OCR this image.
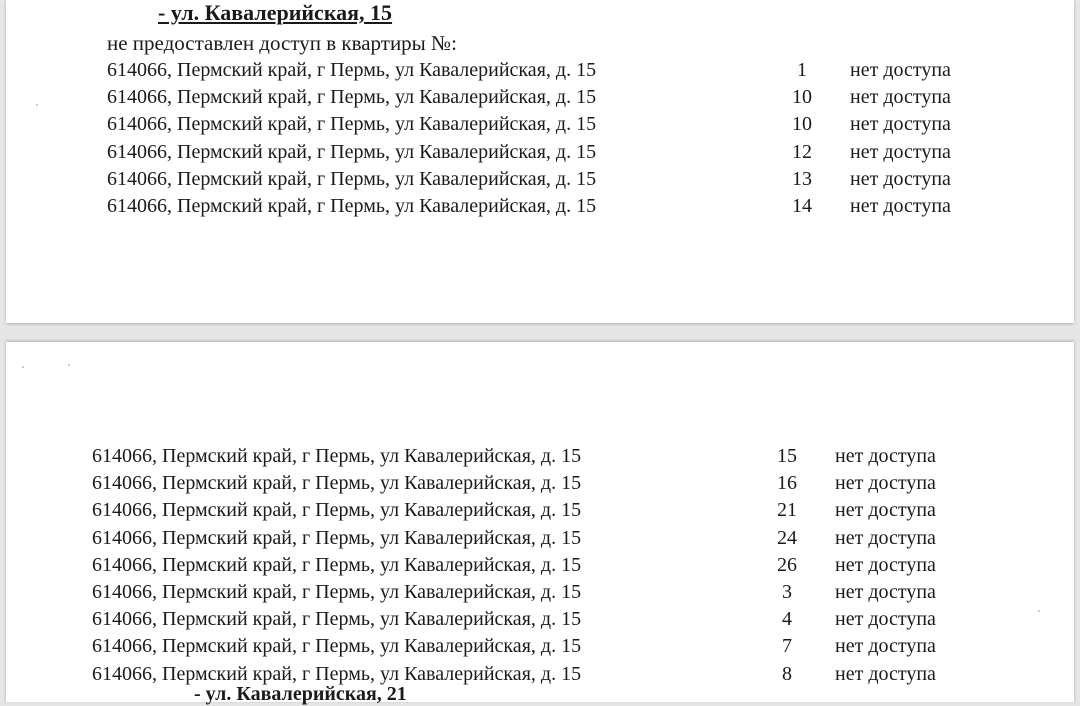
- ул. Кавалерийская, 15
не предоставлен доступ в квартиры №:
614066, Пермский край, г Пермь, ул Кавалерийская, д. 15	1	нет доступа
614066, Пермский край, г Пермь, ул Кавалерийская, д. 15	10	нет доступа
614066, Пермский край, г Пермь, ул Кавалерийская, д. 15	10	нет доступа
614066, Пермский край, г Пермь, ул Кавалерийская, д. 15	12	нет доступа
614066, Пермский край, г Пермь, ул Кавалерийская, д. 15	13	нет доступа
614066, Пермский край, г Пермь, ул Кавалерийская, д. 15	14	нет доступа
614066, Пермский край, г Пермь, ул Кавалерийская, д. 15	15	нет доступа
614066, Пермский край, г Пермь, ул Кавалерийская, д. 15	16	нет доступа
614066, Пермский край, г Пермь, ул Кавалерийская, д. 15	21	нет доступа
614066, Пермский край, г Пермь, ул Кавалерийская, д. 15	24	нет доступа
614066, Пермский край, г Пермь, ул Кавалерийская, д. 15	26	нет доступа
614066, Пермский край, г Пермь, ул Кавалерийская, д. 15	3	нет доступа
614066, Пермский край, г Пермь, ул Кавалерийская, д. 15	4	нет доступа
614066, Пермский край, г Пермь, ул Кавалерийская, д. 15	7	нет доступа
614066, Пермский край, г Пермь, ул Кавалерийская, д. 15	8	нет доступа
- ул. Кавалерийская, 21
